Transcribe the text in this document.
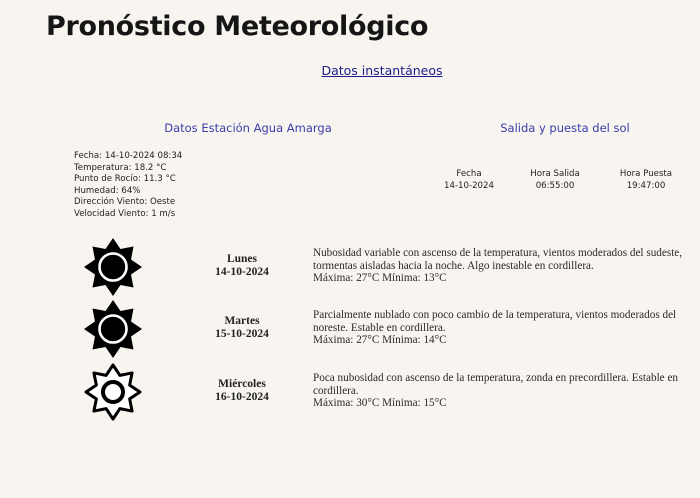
Pronóstico Meteorológico
Datos instantáneos
Datos Estación Agua Amarga	Salida y puesta del sol
Fecha: 14-10-2024 08:34
Temperatura: 18.2 °C
Punto de Rocío: 11.3 °C
Humedad: 64%
Dirección Viento: Oeste
Velocidad Viento: 1 m/s
Fecha
14-10-2024
Hora Salida
06:55:00
Hora Puesta
19:47:00
Lunes
14-10-2024
Nubosidad variable con ascenso de la temperatura, vientos moderados del sudeste, tormentas aisladas hacia la noche. Algo inestable en cordillera.
Máxima: 27°C Mínima: 13°C
Martes
15-10-2024
Parcialmente nublado con poco cambio de la temperatura, vientos moderados del noreste. Estable en cordillera.
Máxima: 27°C Mínima: 14°C
Miércoles
16-10-2024
Poca nubosidad con ascenso de la temperatura, zonda en precordillera. Estable en cordillera.
Máxima: 30°C Mínima: 15°C
